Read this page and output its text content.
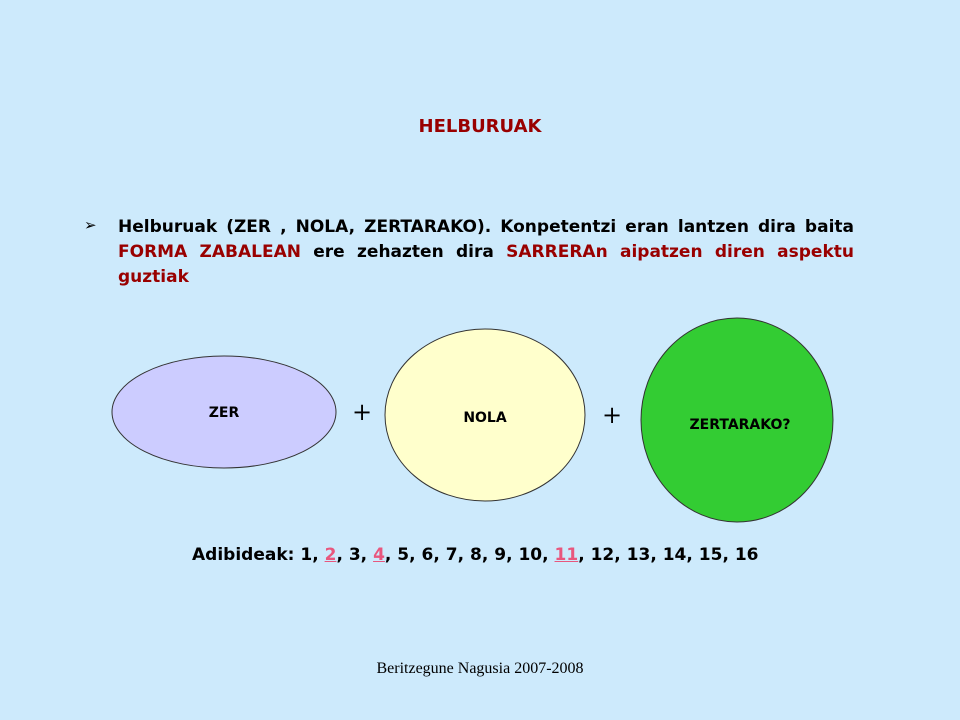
HELBURUAK
➢	Helburuak (ZER , NOLA, ZERTARAKO). Konpetentzi eran lantzen dira baita FORMA ZABALEAN ere zehazten dira SARRERAn aipatzen diren aspektu guztiak
ZER	+	NOLA	+	ZERTARAKO?
Adibideak: 1, 2, 3, 4, 5, 6, 7, 8, 9, 10, 11, 12, 13, 14, 15, 16
Beritzegune Nagusia 2007-2008
